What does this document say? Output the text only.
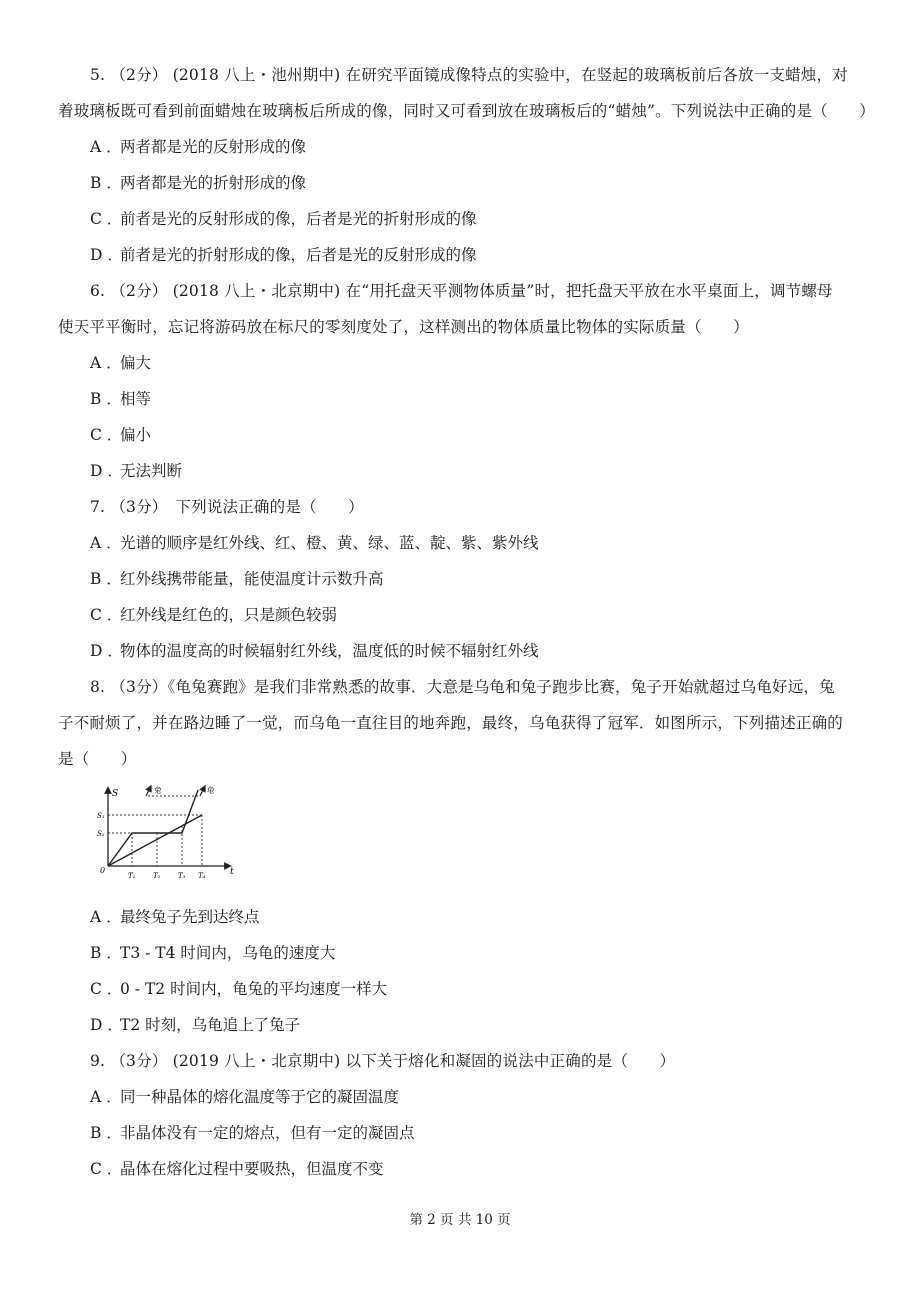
5. （2分） (2018 八上・池州期中) 在研究平面镜成像特点的实验中，在竖起的玻璃板前后各放一支蜡烛，对
着玻璃板既可看到前面蜡烛在玻璃板后所成的像，同时又可看到放在玻璃板后的“蜡烛”。下列说法中正确的是（　　）
A ．两者都是光的反射形成的像
B ．两者都是光的折射形成的像
C ．前者是光的反射形成的像，后者是光的折射形成的像
D ．前者是光的折射形成的像，后者是光的反射形成的像
6. （2分） (2018 八上・北京期中) 在“用托盘天平测物体质量”时，把托盘天平放在水平桌面上，调节螺母
使天平平衡时，忘记将游码放在标尺的零刻度处了，这样测出的物体质量比物体的实际质量（　　）
A ．偏大
B ．相等
C ．偏小
D ．无法判断
7. （3分）　下列说法正确的是（　　）
A ．光谱的顺序是红外线、红、橙、黄、绿、蓝、靛、紫、紫外线
B ．红外线携带能量，能使温度计示数升高
C ．红外线是红色的，只是颜色较弱
D ．物体的温度高的时候辐射红外线，温度低的时候不辐射红外线
8. （3分）《龟兔赛跑》是我们非常熟悉的故事．大意是乌龟和兔子跑步比赛，兔子开始就超过乌龟好远，兔
子不耐烦了，并在路边睡了一觉，而乌龟一直往目的地奔跑，最终，乌龟获得了冠军．如图所示，下列描述正确的
是（　　）
S
t
0
S₁
S₂
T₁	T₂	T₃ T₄
兔	龟
A ．最终兔子先到达终点
B ．T3 - T4 时间内，乌龟的速度大
C ．0 - T2 时间内，龟兔的平均速度一样大
D ．T2 时刻，乌龟追上了兔子
9. （3分） (2019 八上・北京期中) 以下关于熔化和凝固的说法中正确的是（　　）
A ．同一种晶体的熔化温度等于它的凝固温度
B ．非晶体没有一定的熔点，但有一定的凝固点
C ．晶体在熔化过程中要吸热，但温度不变
第 2 页 共 10 页
